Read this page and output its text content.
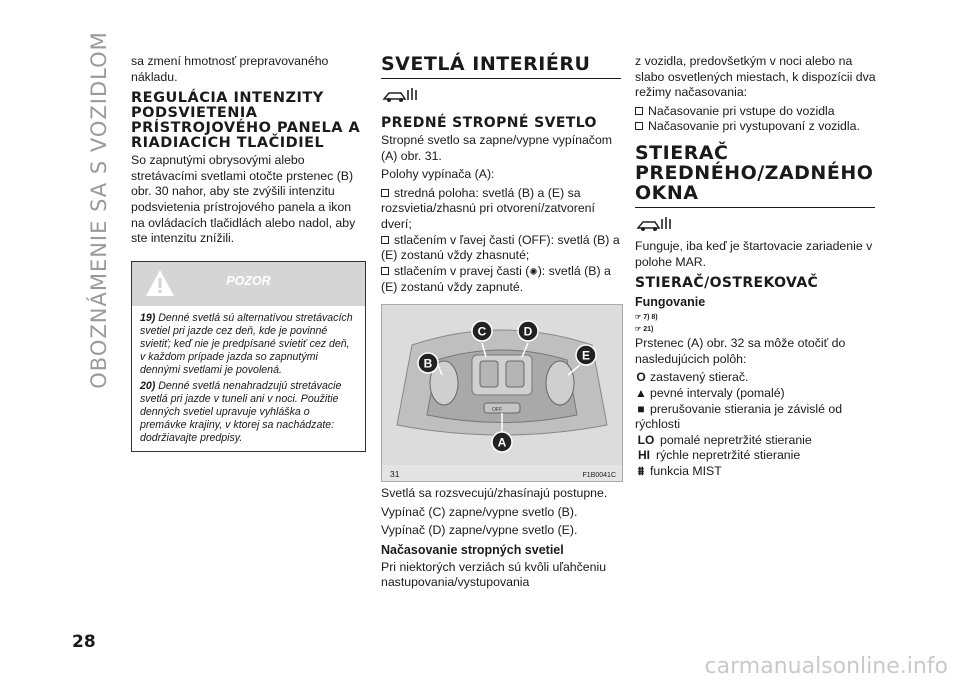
OBOZNÁMENIE SA S VOZIDLOM sa zmení hmotnosť prepravovaného nákladu.

REGULÁCIA INTENZITY PODSVIETENIA PRÍSTROJOVÉHO PANELA A RIADIACICH TLAČIDIEL

So zapnutými obrysovými alebo stretávacími svetlami otočte prstenec (B) obr. 30 nahor, aby ste zvýšili intenzitu podsvietenia prístrojového panela a ikon na ovládacích tlačidlách alebo nadol, aby ste intenzitu znížili.

POZOR
19) Denné svetlá sú alternatívou stretávacích svetiel pri jazde cez deň, kde je povinné svietiť; keď nie je predpísané svietiť cez deň, v každom prípade jazda so zapnutými dennými svetlami je povolená.
20) Denné svetlá nenahradzujú stretávacie svetlá pri jazde v tuneli ani v noci. Použitie denných svetiel upravuje vyhláška o premávke krajiny, v ktorej sa nachádzate: dodržiavajte predpisy.
SVETLÁ INTERIÉRU
PREDNÉ STROPNÉ SVETLO

Stropné svetlo sa zapne/vypne vypínačom (A) obr. 31.

Polohy vypínača (A):

stredná poloha: svetlá (B) a (E) sa rozsvietia/zhasnú pri otvorení/zatvorení dverí;
stlačením v ľavej časti (OFF): svetlá (B) a (E) zostanú vždy zhasnuté;
stlačením v pravej časti (✺): svetlá (B) a (E) zostanú vždy zapnuté.
OFF
A
B
C	D
E
31	F1B0041C

Svetlá sa rozsvecujú/zhasínajú postupne.

Vypínač (C) zapne/vypne svetlo (B).

Vypínač (D) zapne/vypne svetlo (E).

Načasovanie stropných svetiel

Pri niektorých verziách sú kvôli uľahčeniu nastupovania/vystupovania

z vozidla, predovšetkým v noci alebo na slabo osvetlených miestach, k dispozícii dva režimy načasovania:

Načasovanie pri vstupe do vozidla
Načasovanie pri vystupovaní z vozidla.
STIERAČ PREDNÉHO/ZADNÉHO OKNA

Funguje, iba keď je štartovacie zariadenie v polohe MAR.

STIERAČ/OSTREKOVAČ
Fungovanie
☞ 7) 8)
☞ 21)

Prstenec (A) obr. 32 sa môže otočiť do nasledujúcich polôh:

O zastavený stierač.
▲ pevné intervaly (pomalé)
■ prerušovanie stierania je závislé od rýchlosti
LO pomalé nepretržité stieranie
HI rýchle nepretržité stieranie
⩩ funkcia MIST
28
carmanualsonline.info
